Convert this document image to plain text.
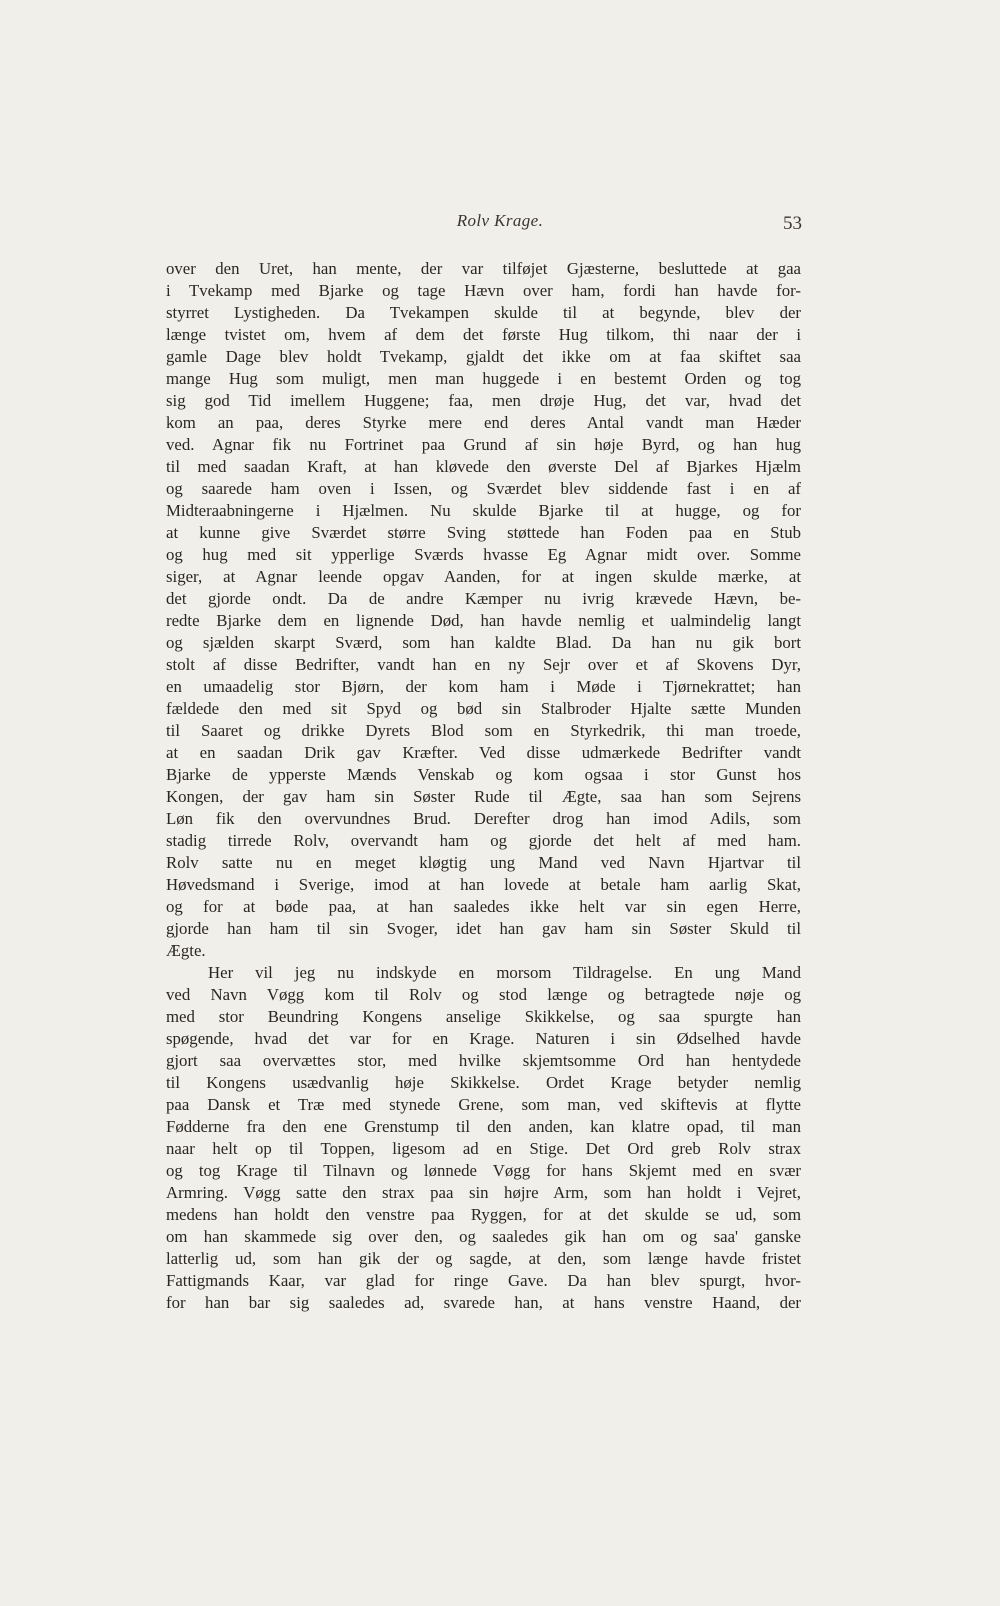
Rolv Krage.	53
over den Uret, han mente, der var tilføjet Gjæsterne, besluttede at gaa
i Tvekamp med Bjarke og tage Hævn over ham, fordi han havde for-
styrret Lystigheden. Da Tvekampen skulde til at begynde, blev der
længe tvistet om, hvem af dem det første Hug tilkom, thi naar der i
gamle Dage blev holdt Tvekamp, gjaldt det ikke om at faa skiftet saa
mange Hug som muligt, men man huggede i en bestemt Orden og tog
sig god Tid imellem Huggene; faa, men drøje Hug, det var, hvad det
kom an paa, deres Styrke mere end deres Antal vandt man Hæder
ved. Agnar fik nu Fortrinet paa Grund af sin høje Byrd, og han hug
til med saadan Kraft, at han kløvede den øverste Del af Bjarkes Hjælm
og saarede ham oven i Issen, og Sværdet blev siddende fast i en af
Midteraabningerne i Hjælmen. Nu skulde Bjarke til at hugge, og for
at kunne give Sværdet større Sving støttede han Foden paa en Stub
og hug med sit ypperlige Sværds hvasse Eg Agnar midt over. Somme
siger, at Agnar leende opgav Aanden, for at ingen skulde mærke, at
det gjorde ondt. Da de andre Kæmper nu ivrig krævede Hævn, be-
redte Bjarke dem en lignende Død, han havde nemlig et ualmindelig langt
og sjælden skarpt Sværd, som han kaldte Blad. Da han nu gik bort
stolt af disse Bedrifter, vandt han en ny Sejr over et af Skovens Dyr,
en umaadelig stor Bjørn, der kom ham i Møde i Tjørnekrattet; han
fældede den med sit Spyd og bød sin Stalbroder Hjalte sætte Munden
til Saaret og drikke Dyrets Blod som en Styrkedrik, thi man troede,
at en saadan Drik gav Kræfter. Ved disse udmærkede Bedrifter vandt
Bjarke de ypperste Mænds Venskab og kom ogsaa i stor Gunst hos
Kongen, der gav ham sin Søster Rude til Ægte, saa han som Sejrens
Løn fik den overvundnes Brud. Derefter drog han imod Adils, som
stadig tirrede Rolv, overvandt ham og gjorde det helt af med ham.
Rolv satte nu en meget kløgtig ung Mand ved Navn Hjartvar til
Høvedsmand i Sverige, imod at han lovede at betale ham aarlig Skat,
og for at bøde paa, at han saaledes ikke helt var sin egen Herre,
gjorde han ham til sin Svoger, idet han gav ham sin Søster Skuld til
Ægte.
Her vil jeg nu indskyde en morsom Tildragelse. En ung Mand
ved Navn Vøgg kom til Rolv og stod længe og betragtede nøje og
med stor Beundring Kongens anselige Skikkelse, og saa spurgte han
spøgende, hvad det var for en Krage. Naturen i sin Ødselhed havde
gjort saa overvættes stor, med hvilke skjemtsomme Ord han hentydede
til Kongens usædvanlig høje Skikkelse. Ordet Krage betyder nemlig
paa Dansk et Træ med stynede Grene, som man, ved skiftevis at flytte
Fødderne fra den ene Grenstump til den anden, kan klatre opad, til man
naar helt op til Toppen, ligesom ad en Stige. Det Ord greb Rolv strax
og tog Krage til Tilnavn og lønnede Vøgg for hans Skjemt med en svær
Armring. Vøgg satte den strax paa sin højre Arm, som han holdt i Vejret,
medens han holdt den venstre paa Ryggen, for at det skulde se ud, som
om han skammede sig over den, og saaledes gik han om og saa' ganske
latterlig ud, som han gik der og sagde, at den, som længe havde fristet
Fattigmands Kaar, var glad for ringe Gave. Da han blev spurgt, hvor-
for han bar sig saaledes ad, svarede han, at hans venstre Haand, der
